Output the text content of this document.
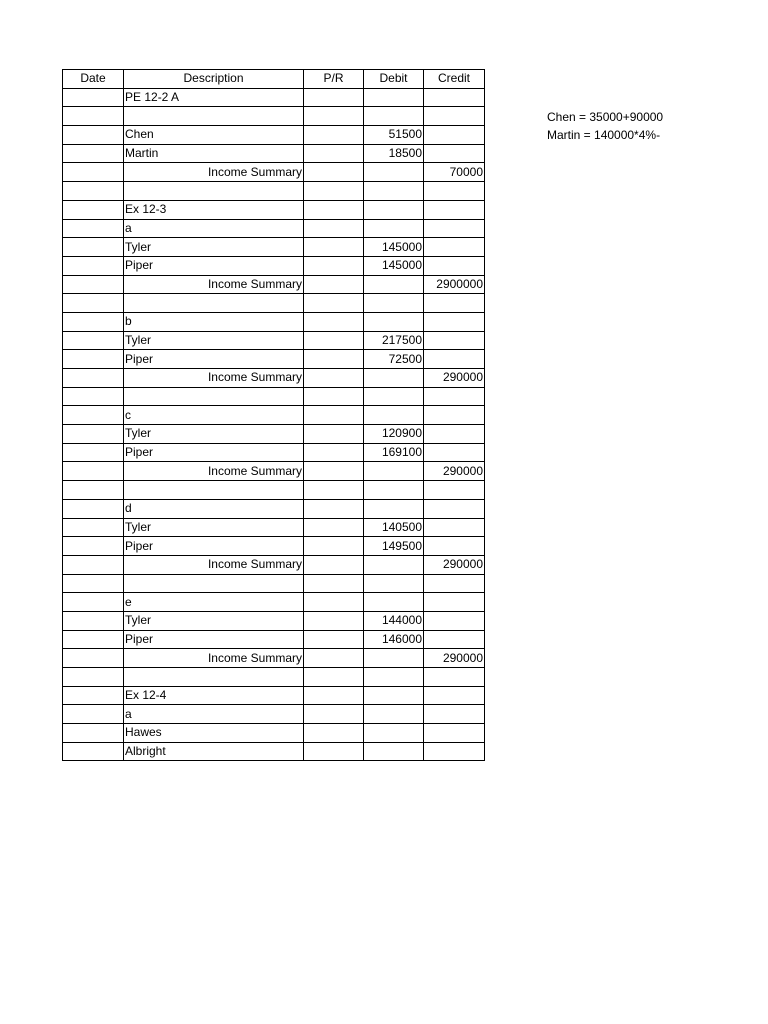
Date	Description	P/R	Debit	Credit
	PE 12-2 A			

	Chen		51500	
	Martin		18500	
	Income Summary			70000

	Ex 12-3			
	a			
	Tyler		145000	
	Piper		145000	
	Income Summary			2900000

	b			
	Tyler		217500	
	Piper		72500	
	Income Summary			290000

	c			
	Tyler		120900	
	Piper		169100	
	Income Summary			290000

	d			
	Tyler		140500	
	Piper		149500	
	Income Summary			290000

	e			
	Tyler		144000	
	Piper		146000	
	Income Summary			290000

	Ex 12-4			
	a			
	Hawes			
	Albright			
Chen = 35000+90000
Martin = 140000*4%-
